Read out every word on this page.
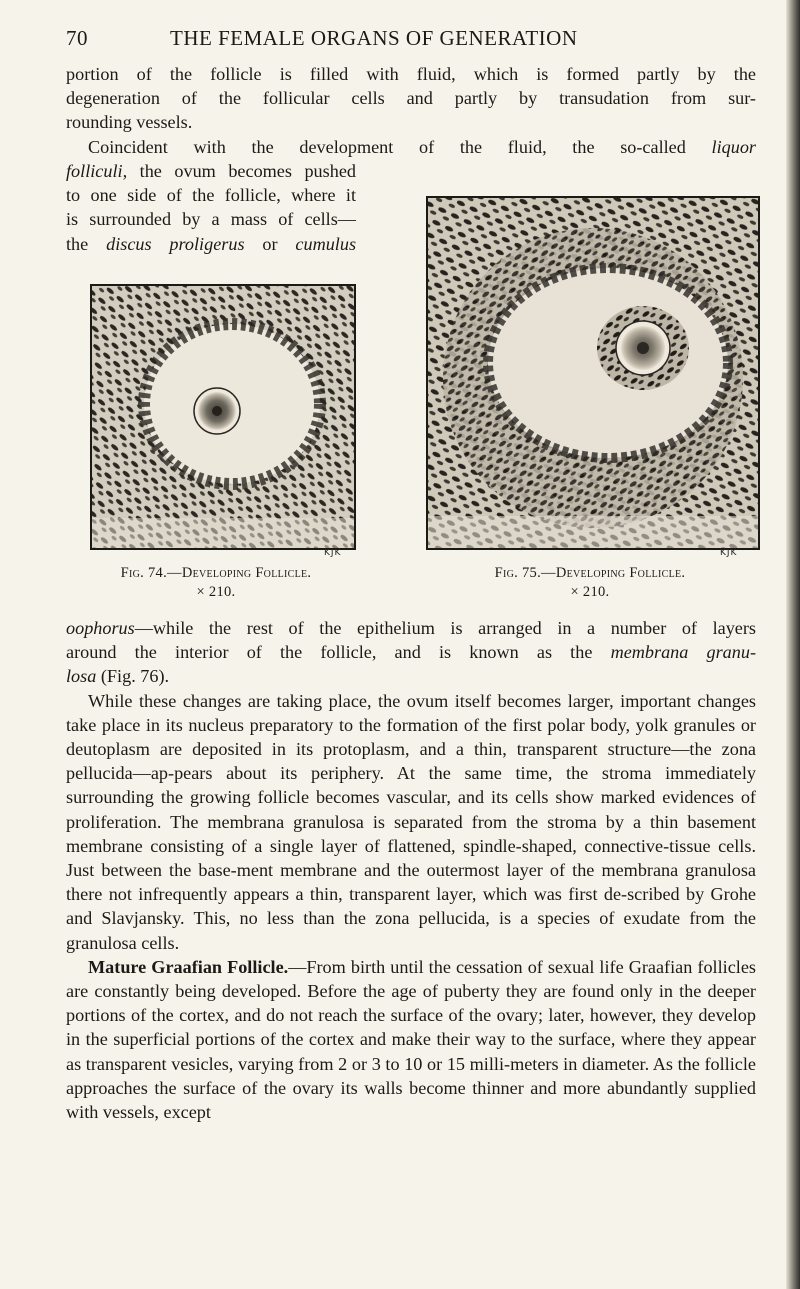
70	THE FEMALE ORGANS OF GENERATION

portion of the follicle is filled with fluid, which is formed partly by the

degeneration of the follicular cells and partly by transudation from sur-

rounding vessels.

Coincident with the development of the fluid, the so-called liquor

folliculi, the ovum becomes pushed

to one side of the follicle, where it

is surrounded by a mass of cells—

the discus proligerus or cumulus

KJK	KJK
Fig. 74.—Developing Follicle.
× 210.
Fig. 75.—Developing Follicle.
× 210.

oophorus—while the rest of the epithelium is arranged in a number of layers

around the interior of the follicle, and is known as the membrana granu-

losa (Fig. 76).

While these changes are taking place, the ovum itself becomes larger, important changes take place in its nucleus preparatory to the formation of the first polar body, yolk granules or deutoplasm are deposited in its protoplasm, and a thin, transparent structure—the zona pellucida—ap-pears about its periphery. At the same time, the stroma immediately surrounding the growing follicle becomes vascular, and its cells show marked evidences of proliferation. The membrana granulosa is separated from the stroma by a thin basement membrane consisting of a single layer of flattened, spindle-shaped, connective-tissue cells. Just between the base-ment membrane and the outermost layer of the membrana granulosa there not infrequently appears a thin, transparent layer, which was first de-scribed by Grohe and Slavjansky. This, no less than the zona pellucida, is a species of exudate from the granulosa cells.

Mature Graafian Follicle.—From birth until the cessation of sexual life Graafian follicles are constantly being developed. Before the age of puberty they are found only in the deeper portions of the cortex, and do not reach the surface of the ovary; later, however, they develop in the superficial portions of the cortex and make their way to the surface, where they appear as transparent vesicles, varying from 2 or 3 to 10 or 15 milli-meters in diameter. As the follicle approaches the surface of the ovary its walls become thinner and more abundantly supplied with vessels, except
